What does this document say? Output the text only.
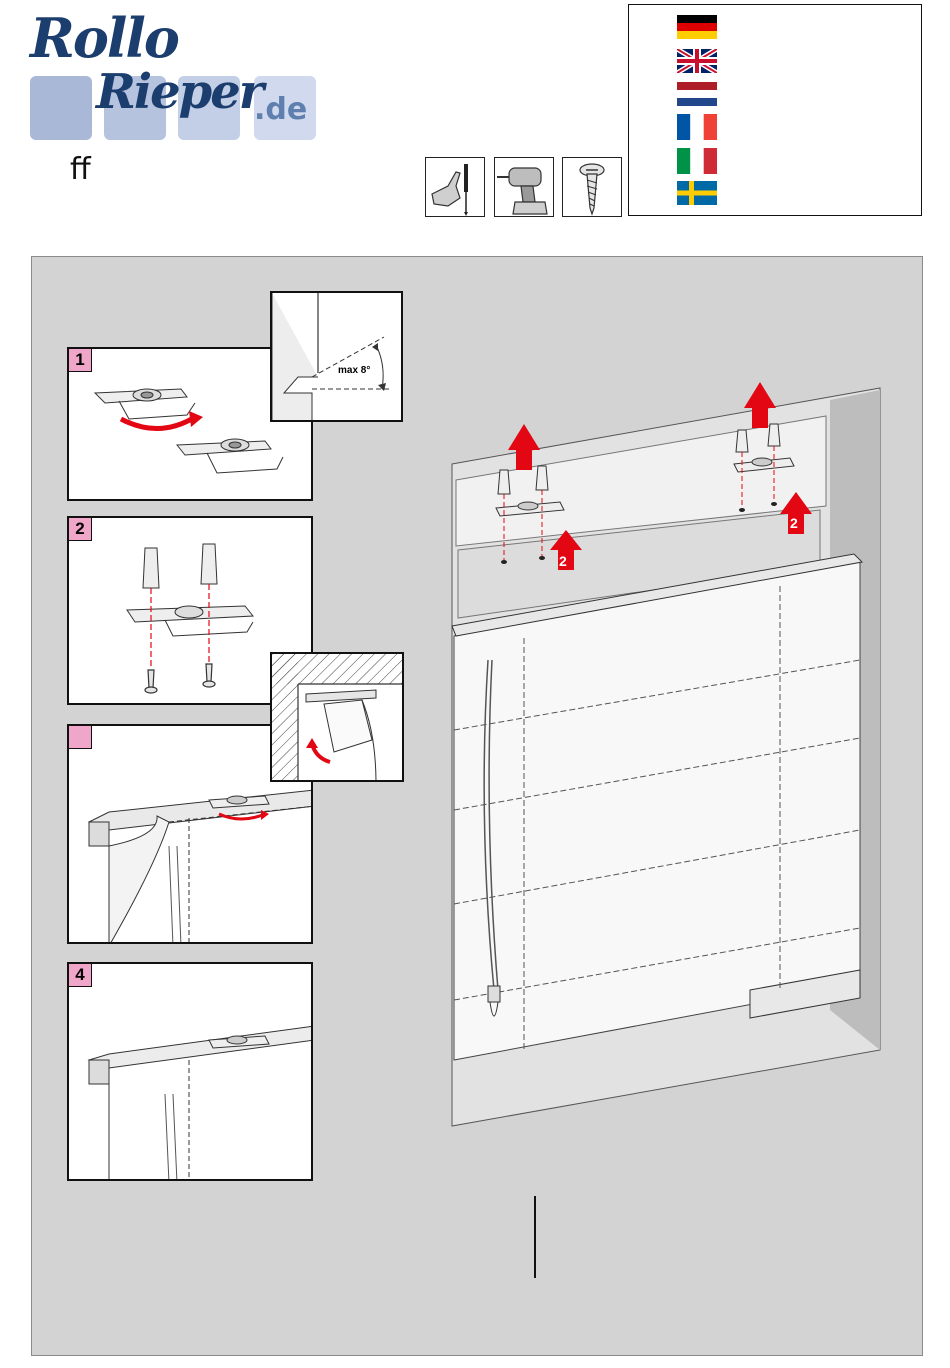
Rollo
Rieper
.de
ff
1
max 8°
2
4
2
2
